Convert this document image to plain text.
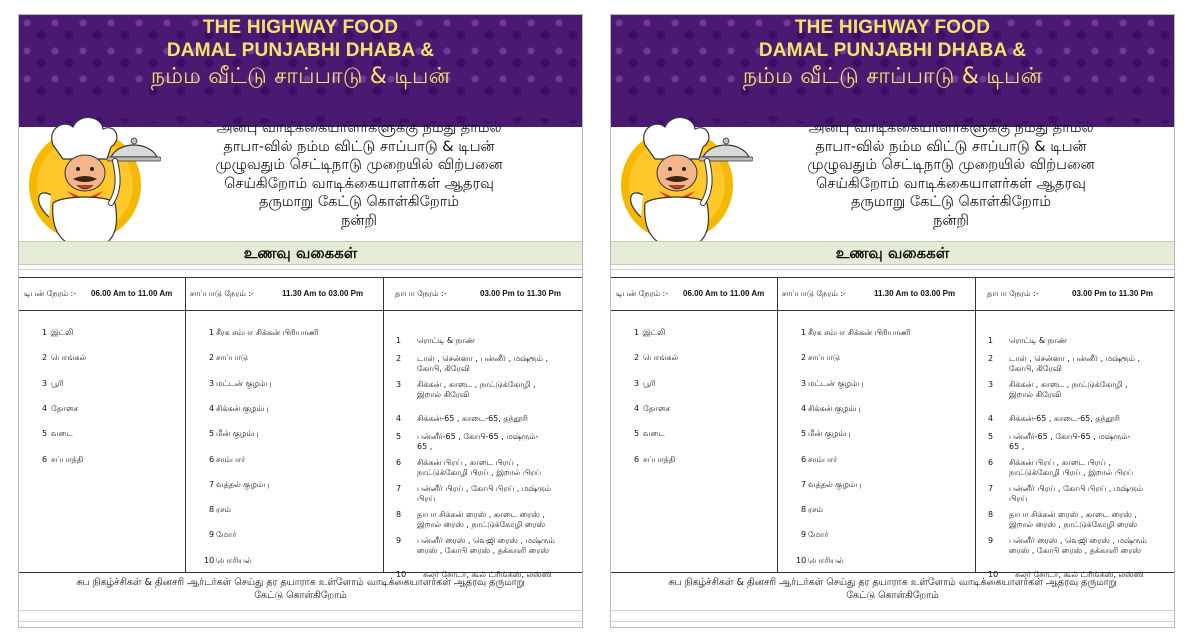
THE HIGHWAY FOOD
DAMAL PUNJABHI DHABA &
நம்ம வீட்டு சாப்பாடு & டிபன்
அன்பு வாடிக்கையாளர்களுக்கு நமது தாமல்
தாபா-வில் நம்ம விட்டு சாப்பாடு & டிபன்
முழுவதும் செட்டிநாடு முறையில் விற்பனை
செய்கிறோம் வாடிக்கையாளர்கள் ஆதரவு
தருமாறு கேட்டு கொள்கிறோம்
நன்றி
உணவு வகைகள்
டிபன் நேரம் :- 06.00 Am to 11.00 Am சாப்பாடு நேரம் :-	11.30 Am to 03.00 Pm	தாபா நேரம் :-	03.00 Pm to 11.30 Pm
1 இட்லி
2 பொங்கல்
3 பூரி
4 தோசை
5 வடை
6 சப்பாத்தி
1 சீரக சம்பா சிக்கன் பிரியாணி
2 சாப்பாடு
3 மட்டன் குழம்பு
4 சிக்கன் குழம்பு
5 மீன் குழம்பு
6 சாம்பார்
7 வத்தல் குழம்பு
8 ரசம்
9 மோர்
10 பொரியல்
1 ரொட்டி & நாண்
2 டாள் , சென்னா , பன்னீர் , மஷ்ரூம் ,
கோபி, கிரேவி
3 சிக்கன் , காடை , நாட்டுக்கோழி ,
இறால் கிரேவி
4 சிக்கன்-65 , காடை-65, தந்தூரி
5 பன்னீர்-65 , கோபி-65 , மஷ்ரும்-
65 ,
6 சிக்கன் பிரய் , காடை பிரய் ,
நாட்டுக்கோழி பிரய் , இறால் பிரய்
7 பன்னீர் பிரய் , கோபி பிரய் , மஷ்ரும்
பிரய்
8 தாபா சிக்கன் ரைஸ் , காடை ரைஸ் ,
இறால் ரைஸ் , நாட்டுக்கோழி ரைஸ்
9 பன்னீர் ரைஸ் , வெஜி ரைஸ் , மஷ்ரும்
ரைஸ் , கோபி ரைஸ் , தக்காளி ரைஸ்
10 கலர் சோடா, கூல் ட்ரிங்க்ஸ், லஸ்ஸி
சுப நிகழ்ச்சிகள் & தினசரி ஆர்டர்கள் செய்து தர தயாராக உள்ளோம் வாடிக்கையாளர்கள் ஆதரவு தருமாறு
கேட்டு கொள்கிறோம்
THE HIGHWAY FOOD
DAMAL PUNJABHI DHABA &
நம்ம வீட்டு சாப்பாடு & டிபன்
அன்பு வாடிக்கையாளர்களுக்கு நமது தாமல்
தாபா-வில் நம்ம விட்டு சாப்பாடு & டிபன்
முழுவதும் செட்டிநாடு முறையில் விற்பனை
செய்கிறோம் வாடிக்கையாளர்கள் ஆதரவு
தருமாறு கேட்டு கொள்கிறோம்
நன்றி
உணவு வகைகள்
டிபன் நேரம் :- 06.00 Am to 11.00 Am சாப்பாடு நேரம் :-	11.30 Am to 03.00 Pm	தாபா நேரம் :-	03.00 Pm to 11.30 Pm
1 இட்லி
2 பொங்கல்
3 பூரி
4 தோசை
5 வடை
6 சப்பாத்தி
1 சீரக சம்பா சிக்கன் பிரியாணி
2 சாப்பாடு
3 மட்டன் குழம்பு
4 சிக்கன் குழம்பு
5 மீன் குழம்பு
6 சாம்பார்
7 வத்தல் குழம்பு
8 ரசம்
9 மோர்
10 பொரியல்
1 ரொட்டி & நாண்
2 டாள் , சென்னா , பன்னீர் , மஷ்ரூம் ,
கோபி, கிரேவி
3 சிக்கன் , காடை , நாட்டுக்கோழி ,
இறால் கிரேவி
4 சிக்கன்-65 , காடை-65, தந்தூரி
5 பன்னீர்-65 , கோபி-65 , மஷ்ரும்-
65 ,
6 சிக்கன் பிரய் , காடை பிரய் ,
நாட்டுக்கோழி பிரய் , இறால் பிரய்
7 பன்னீர் பிரய் , கோபி பிரய் , மஷ்ரும்
பிரய்
8 தாபா சிக்கன் ரைஸ் , காடை ரைஸ் ,
இறால் ரைஸ் , நாட்டுக்கோழி ரைஸ்
9 பன்னீர் ரைஸ் , வெஜி ரைஸ் , மஷ்ரும்
ரைஸ் , கோபி ரைஸ் , தக்காளி ரைஸ்
10 கலர் சோடா, கூல் ட்ரிங்க்ஸ், லஸ்ஸி
சுப நிகழ்ச்சிகள் & தினசரி ஆர்டர்கள் செய்து தர தயாராக உள்ளோம் வாடிக்கையாளர்கள் ஆதரவு தருமாறு
கேட்டு கொள்கிறோம்
